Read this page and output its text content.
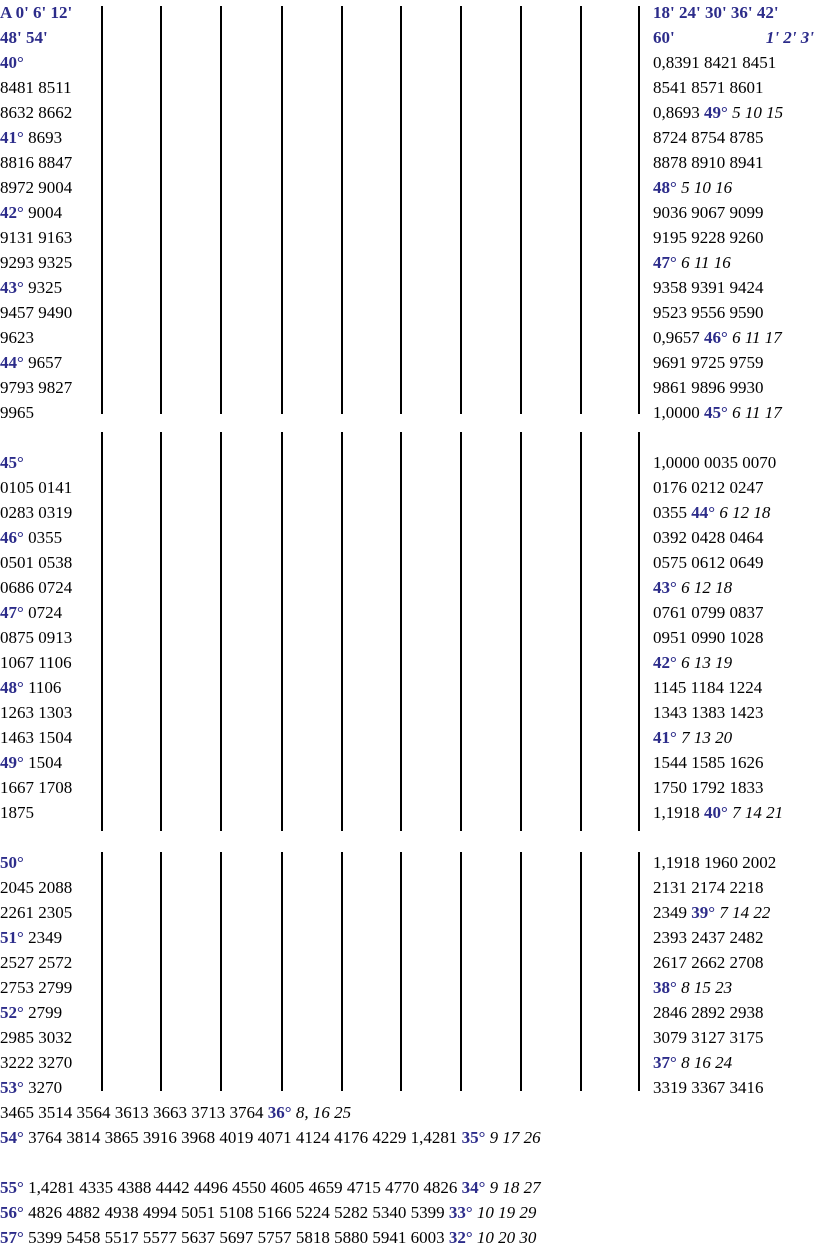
A 0' 6' 12'
48' 54'
18' 24' 30' 36' 42'
60'	1' 2' 3'
40°
8481 8511
8632 8662
41° 8693
8816 8847
8972 9004
42° 9004
9131 9163
9293 9325
43° 9325
9457 9490
9623
44° 9657
9793 9827
9965
45°
0105 0141
0283 0319
46° 0355
0501 0538
0686 0724
47° 0724
0875 0913
1067 1106
48° 1106
1263 1303
1463 1504
49° 1504
1667 1708
1875
50°
2045 2088
2261 2305
51° 2349
2527 2572
2753 2799
52° 2799
2985 3032
3222 3270
53° 3270
0,8391 8421 8451
8541 8571 8601
0,8693 49° 5 10 15
8724 8754 8785
8878 8910 8941
48° 5 10 16
9036 9067 9099
9195 9228 9260
47° 6 11 16
9358 9391 9424
9523 9556 9590
0,9657 46° 6 11 17
9691 9725 9759
9861 9896 9930
1,0000 45° 6 11 17
1,0000 0035 0070
0176 0212 0247
0355 44° 6 12 18
0392 0428 0464
0575 0612 0649
43° 6 12 18
0761 0799 0837
0951 0990 1028
42° 6 13 19
1145 1184 1224
1343 1383 1423
41° 7 13 20
1544 1585 1626
1750 1792 1833
1,1918 40° 7 14 21
1,1918 1960 2002
2131 2174 2218
2349 39° 7 14 22
2393 2437 2482
2617 2662 2708
38° 8 15 23
2846 2892 2938
3079 3127 3175
37° 8 16 24
3319 3367 3416
3465 3514 3564 3613 3663 3713 3764 36° 8, 16 25
54° 3764 3814 3865 3916 3968 4019 4071 4124 4176 4229 1,4281 35° 9 17 26
55° 1,4281 4335 4388 4442 4496 4550 4605 4659 4715 4770 4826 34° 9 18 27
56° 4826 4882 4938 4994 5051 5108 5166 5224 5282 5340 5399 33° 10 19 29
57° 5399 5458 5517 5577 5637 5697 5757 5818 5880 5941 6003 32° 10 20 30
